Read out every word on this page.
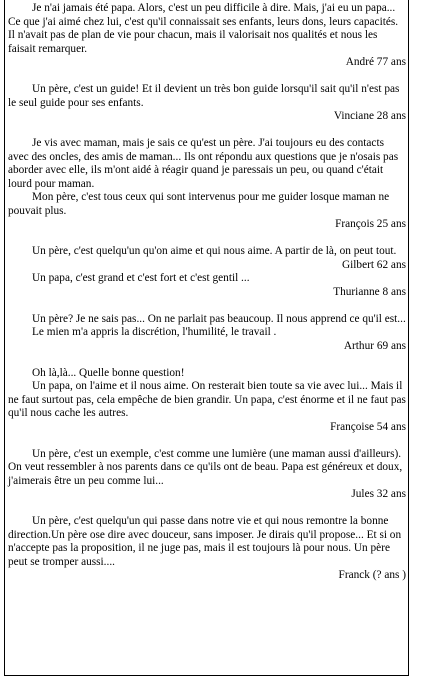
Je n'ai jamais été papa. Alors, c'est un peu difficile à dire. Mais, j'ai eu un papa... Ce que j'ai aimé chez lui, c'est qu'il connaissait ses enfants, leurs dons, leurs capacités. Il n'avait pas de plan de vie pour chacun, mais il valorisait nos qualités et nous les faisait remarquer.

André 77 ans

Un père, c'est un guide! Et il devient un très bon guide lorsqu'il sait qu'il n'est pas le seul guide pour ses enfants.

Vinciane 28 ans

Je vis avec maman, mais je sais ce qu'est un père. J'ai toujours eu des contacts avec des oncles, des amis de maman... Ils ont répondu aux questions que je n'osais pas aborder avec elle, ils m'ont aidé à réagir quand je paressais un peu, ou quand c'était lourd pour maman.

Mon père, c'est tous ceux qui sont intervenus pour me guider losque maman ne pouvait plus.

François 25 ans

Un père, c'est quelqu'un qu'on aime et qui nous aime. A partir de là, on peut tout.

Gilbert 62 ans

Un papa, c'est grand et c'est fort et c'est gentil ...

Thurianne 8 ans

Un père? Je ne sais pas... On ne parlait pas beaucoup. Il nous apprend ce qu'il est...

Le mien m'a appris la discrétion, l'humilité, le travail .

Arthur 69 ans

Oh là,là... Quelle bonne question!

Un papa, on l'aime et il nous aime. On resterait bien toute sa vie avec lui... Mais il ne faut surtout pas, cela empêche de bien grandir. Un papa, c'est énorme et il ne faut pas qu'il nous cache les autres.

Françoise 54 ans

Un père, c'est un exemple, c'est comme une lumière (une maman aussi d'ailleurs). On veut ressembler à nos parents dans ce qu'ils ont de beau. Papa est généreux et doux, j'aimerais être un peu comme lui...

Jules 32 ans

Un père, c'est quelqu'un qui passe dans notre vie et qui nous remontre la bonne direction.Un père ose dire avec douceur, sans imposer. Je dirais qu'il propose... Et si on n'accepte pas la proposition, il ne juge pas, mais il est toujours là pour nous. Un père peut se tromper aussi....

Franck (? ans )
